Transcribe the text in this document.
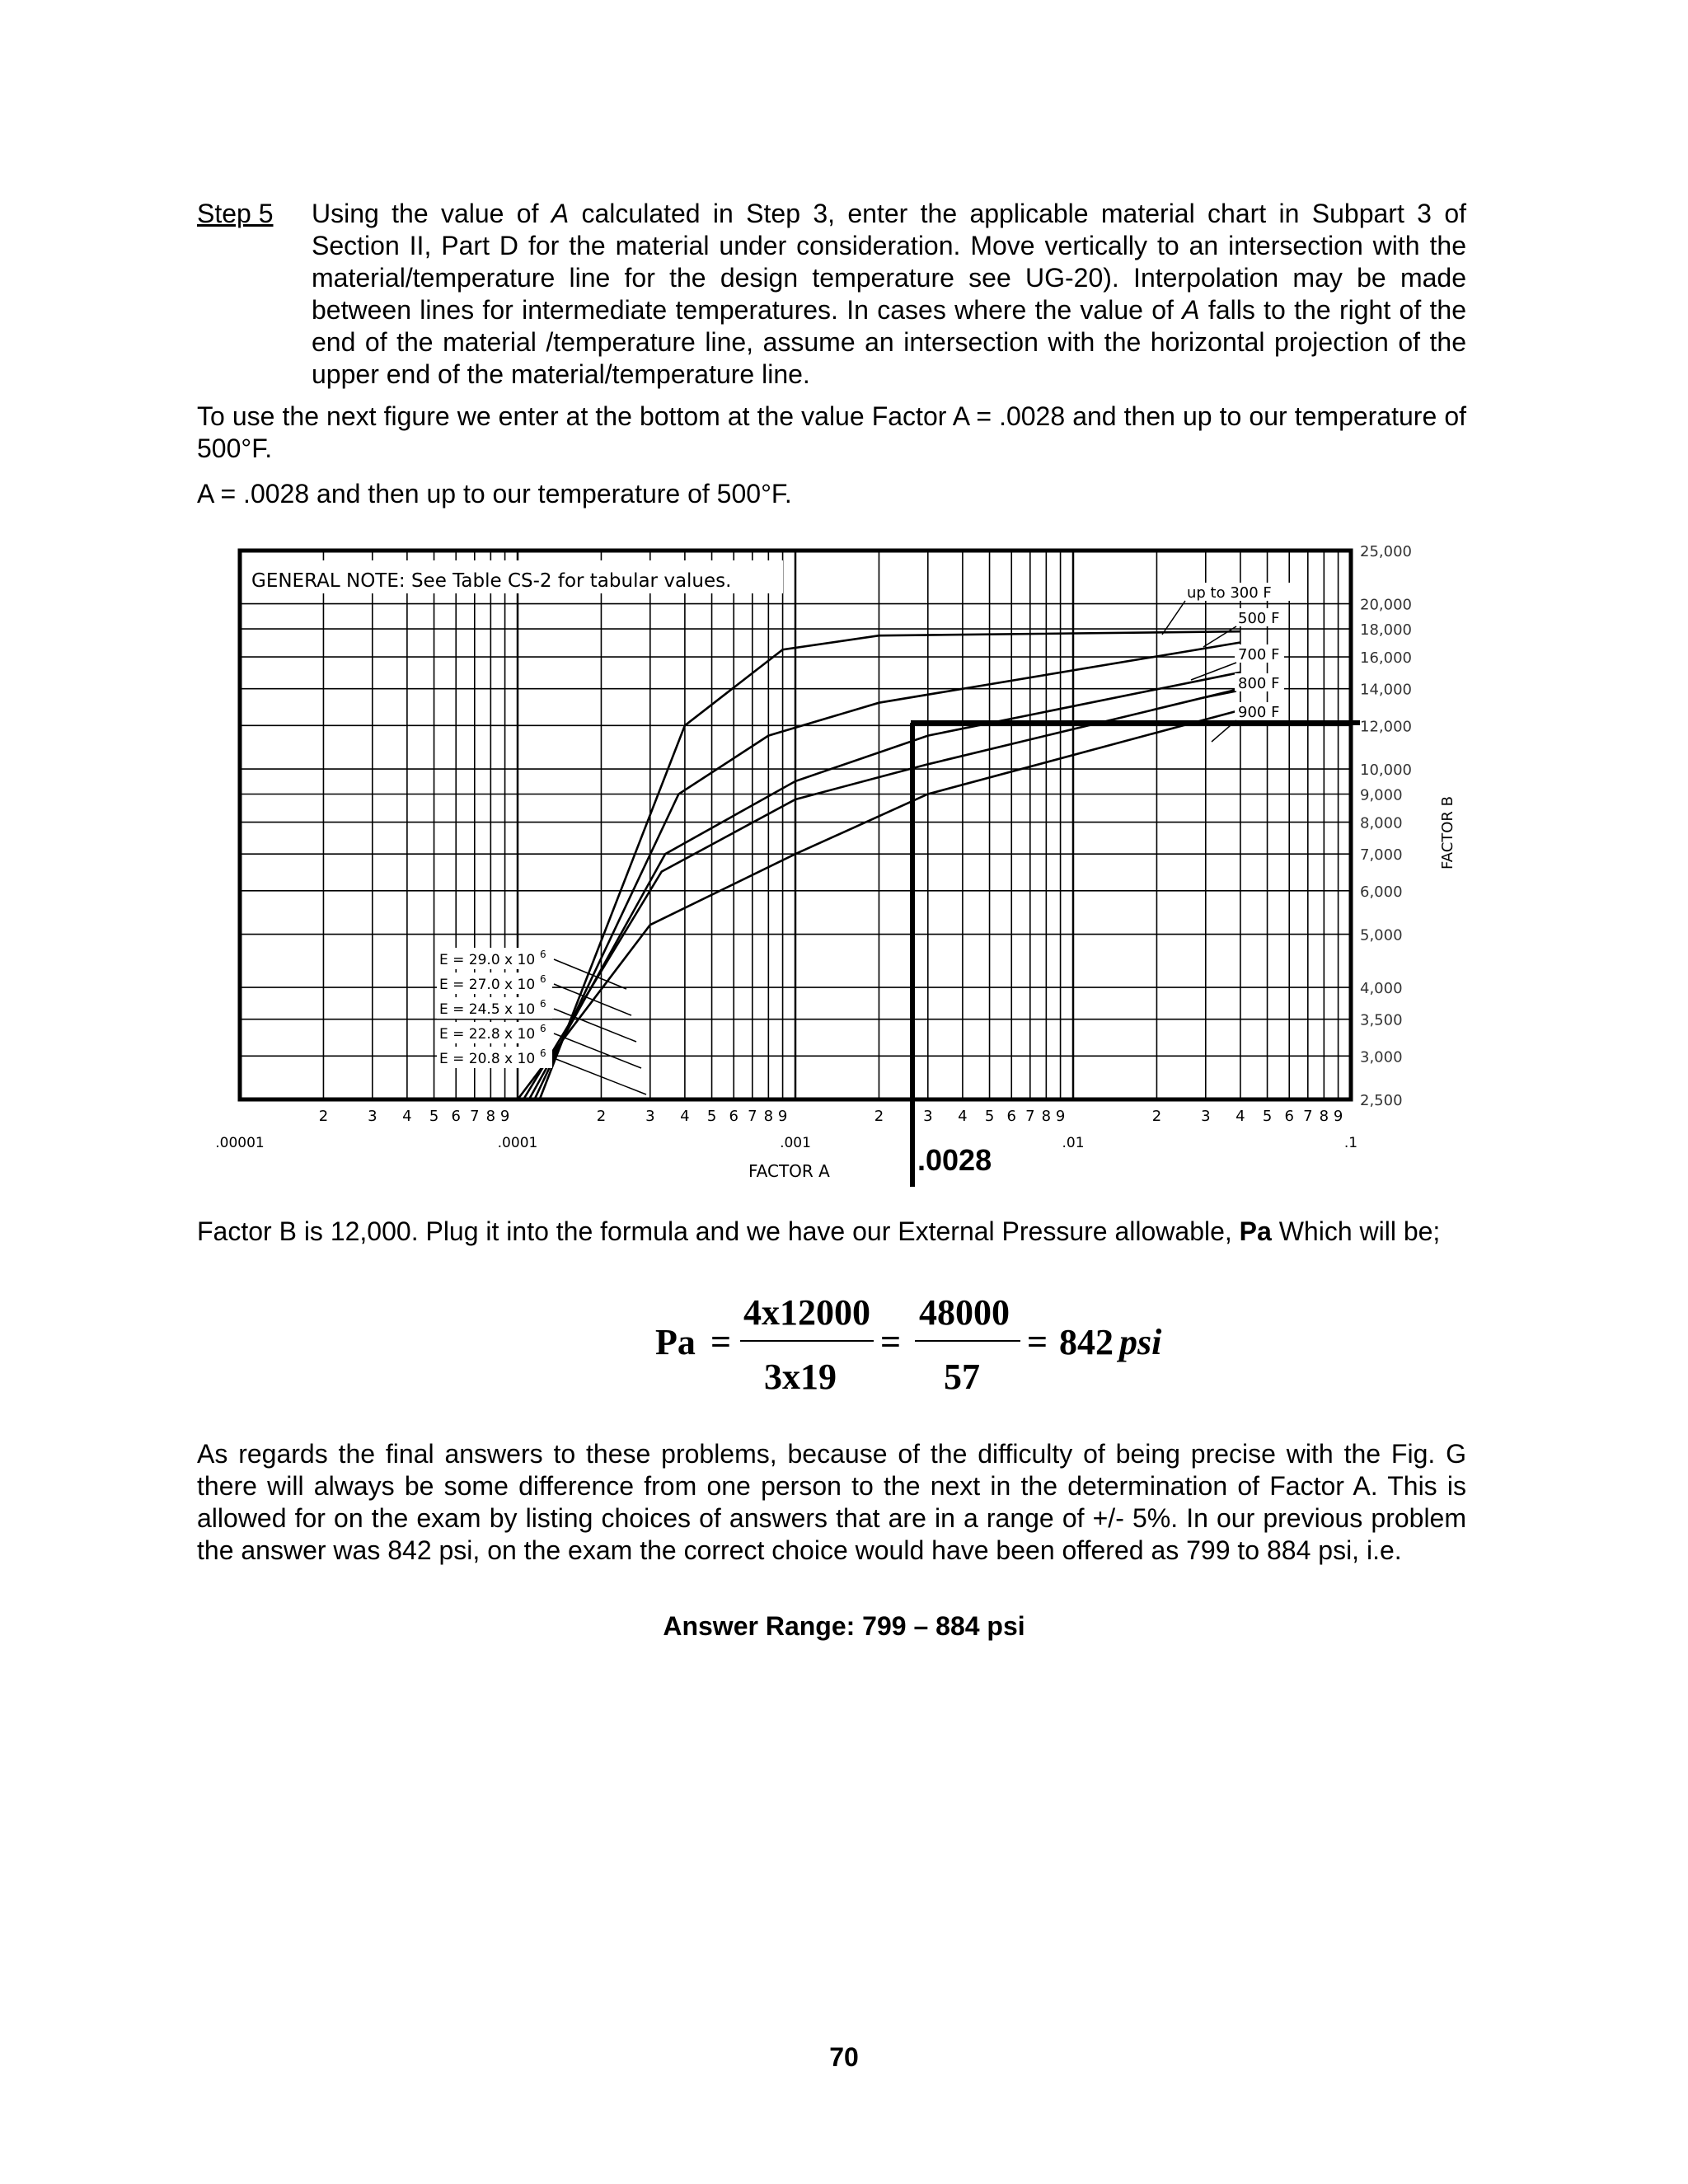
Step 5 Using the value of A calculated in Step 3, enter the applicable material chart in Subpart 3 of Section II, Part D for the material under consideration. Move vertically to an intersection with the material/temperature line for the design temperature see UG-20). Interpolation may be made between lines for intermediate temperatures. In cases where the value of A falls to the right of the end of the material /temperature line, assume an intersection with the horizontal projection of the upper end of the material/temperature line.
To use the next figure we enter at the bottom at the value Factor A = .0028 and then up to our temperature of 500°F.
A = .0028 and then up to our temperature of 500°F.
GENERAL NOTE: See Table CS-2 for tabular values.
25,000
20,000
18,000
16,000
14,000
12,000
10,000
9,000
8,000
7,000
6,000
5,000
4,000
3,500
3,000
2,500
.00001	.0001	.001	.01	.1
2	3 4 5 6 7 8 9	2	3 4 5 6 7 8 9	2	3 4 5 6 7 8 9	2	3 4 5 6 7 8 9
up to 300 F
500 F
700 F
800 F
900 F
E = 29.0 x 10 6
E = 27.0 x 10 6
E = 24.5 x 10 6
E = 22.8 x 10 6
E = 20.8 x 10 6
FACTOR A	.0028
FACTOR B
Factor B is 12,000. Plug it into the formula and we have our External Pressure allowable, Pa Which will be;
Pa =
4x12000
3x19
=
48000
57
= 842 psi
As regards the final answers to these problems, because of the difficulty of being precise with the Fig. G there will always be some difference from one person to the next in the determination of Factor A. This is allowed for on the exam by listing choices of answers that are in a range of +/- 5%. In our previous problem the answer was 842 psi, on the exam the correct choice would have been offered as 799 to 884 psi, i.e.
Answer Range: 799 – 884 psi
70
